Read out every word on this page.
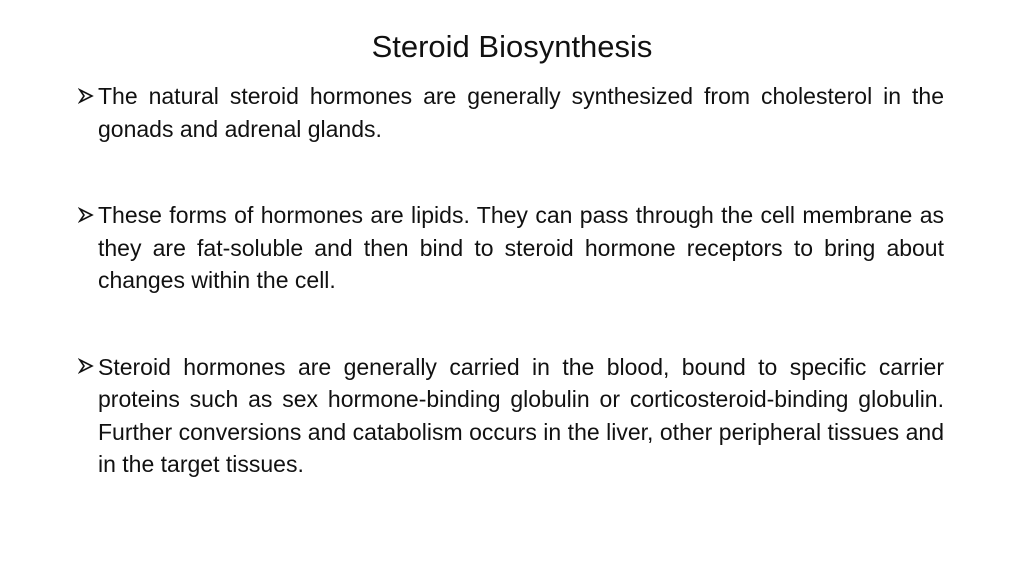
Steroid Biosynthesis
The natural steroid hormones are generally synthesized from cholesterol in the gonads and adrenal glands.
These forms of hormones are lipids. They can pass through the cell membrane as they are fat-soluble and then bind to steroid hormone receptors to bring about changes within the cell.
Steroid hormones are generally carried in the blood, bound to specific carrier proteins such as sex hormone-binding globulin or corticosteroid-binding globulin. Further conversions and catabolism occurs in the liver, other peripheral tissues and in the target tissues.
